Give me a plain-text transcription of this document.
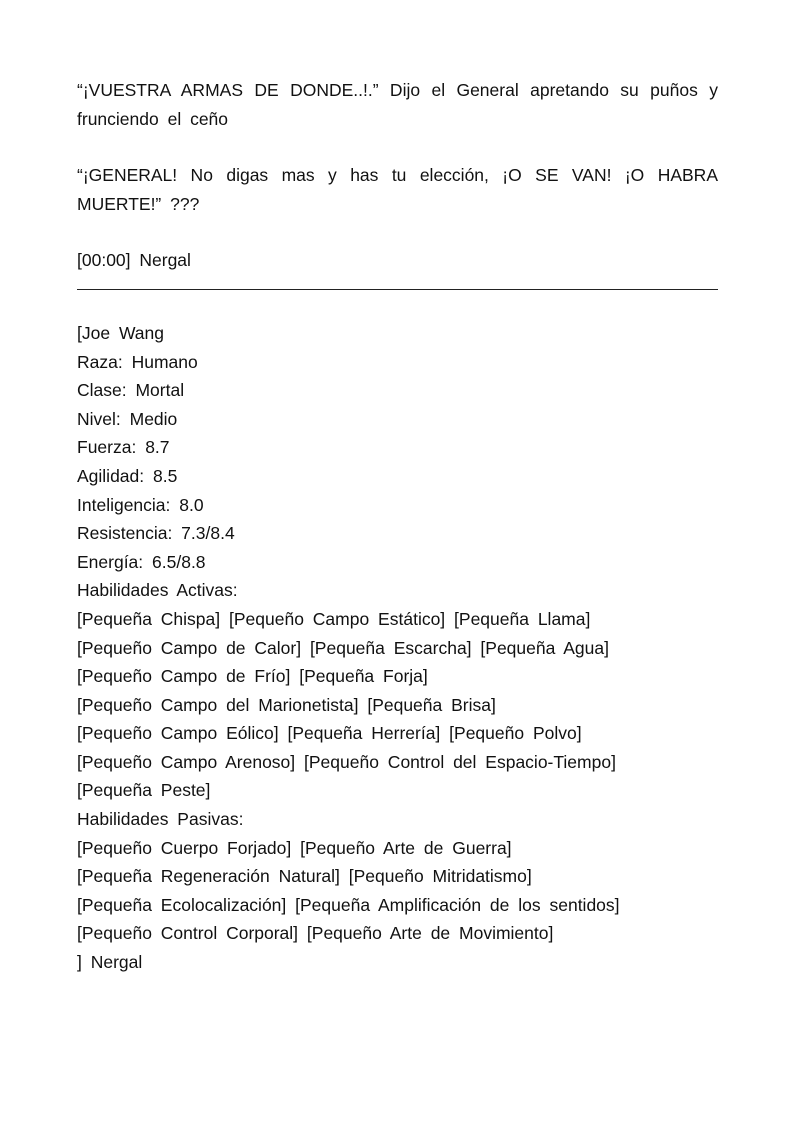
“¡VUESTRA ARMAS DE DONDE..!.” Dijo el General apretando su puños y frunciendo el ceño

“¡GENERAL! No digas mas y has tu elección, ¡O SE VAN! ¡O HABRA MUERTE!” ???

[00:00] Nergal

[Joe Wang

Raza: Humano

Clase: Mortal

Nivel: Medio

Fuerza: 8.7

Agilidad: 8.5

Inteligencia: 8.0

Resistencia: 7.3/8.4

Energía: 6.5/8.8

Habilidades Activas:

[Pequeña Chispa] [Pequeño Campo Estático] [Pequeña Llama]

[Pequeño Campo de Calor] [Pequeña Escarcha] [Pequeña Agua]

[Pequeño Campo de Frío] [Pequeña Forja]

[Pequeño Campo del Marionetista] [Pequeña Brisa]

[Pequeño Campo Eólico] [Pequeña Herrería] [Pequeño Polvo]

[Pequeño Campo Arenoso] [Pequeño Control del Espacio-Tiempo]

[Pequeña Peste]

Habilidades Pasivas:

[Pequeño Cuerpo Forjado] [Pequeño Arte de Guerra]

[Pequeña Regeneración Natural] [Pequeño Mitridatismo]

[Pequeña Ecolocalización] [Pequeña Amplificación de los sentidos]

[Pequeño Control Corporal] [Pequeño Arte de Movimiento]

] Nergal
